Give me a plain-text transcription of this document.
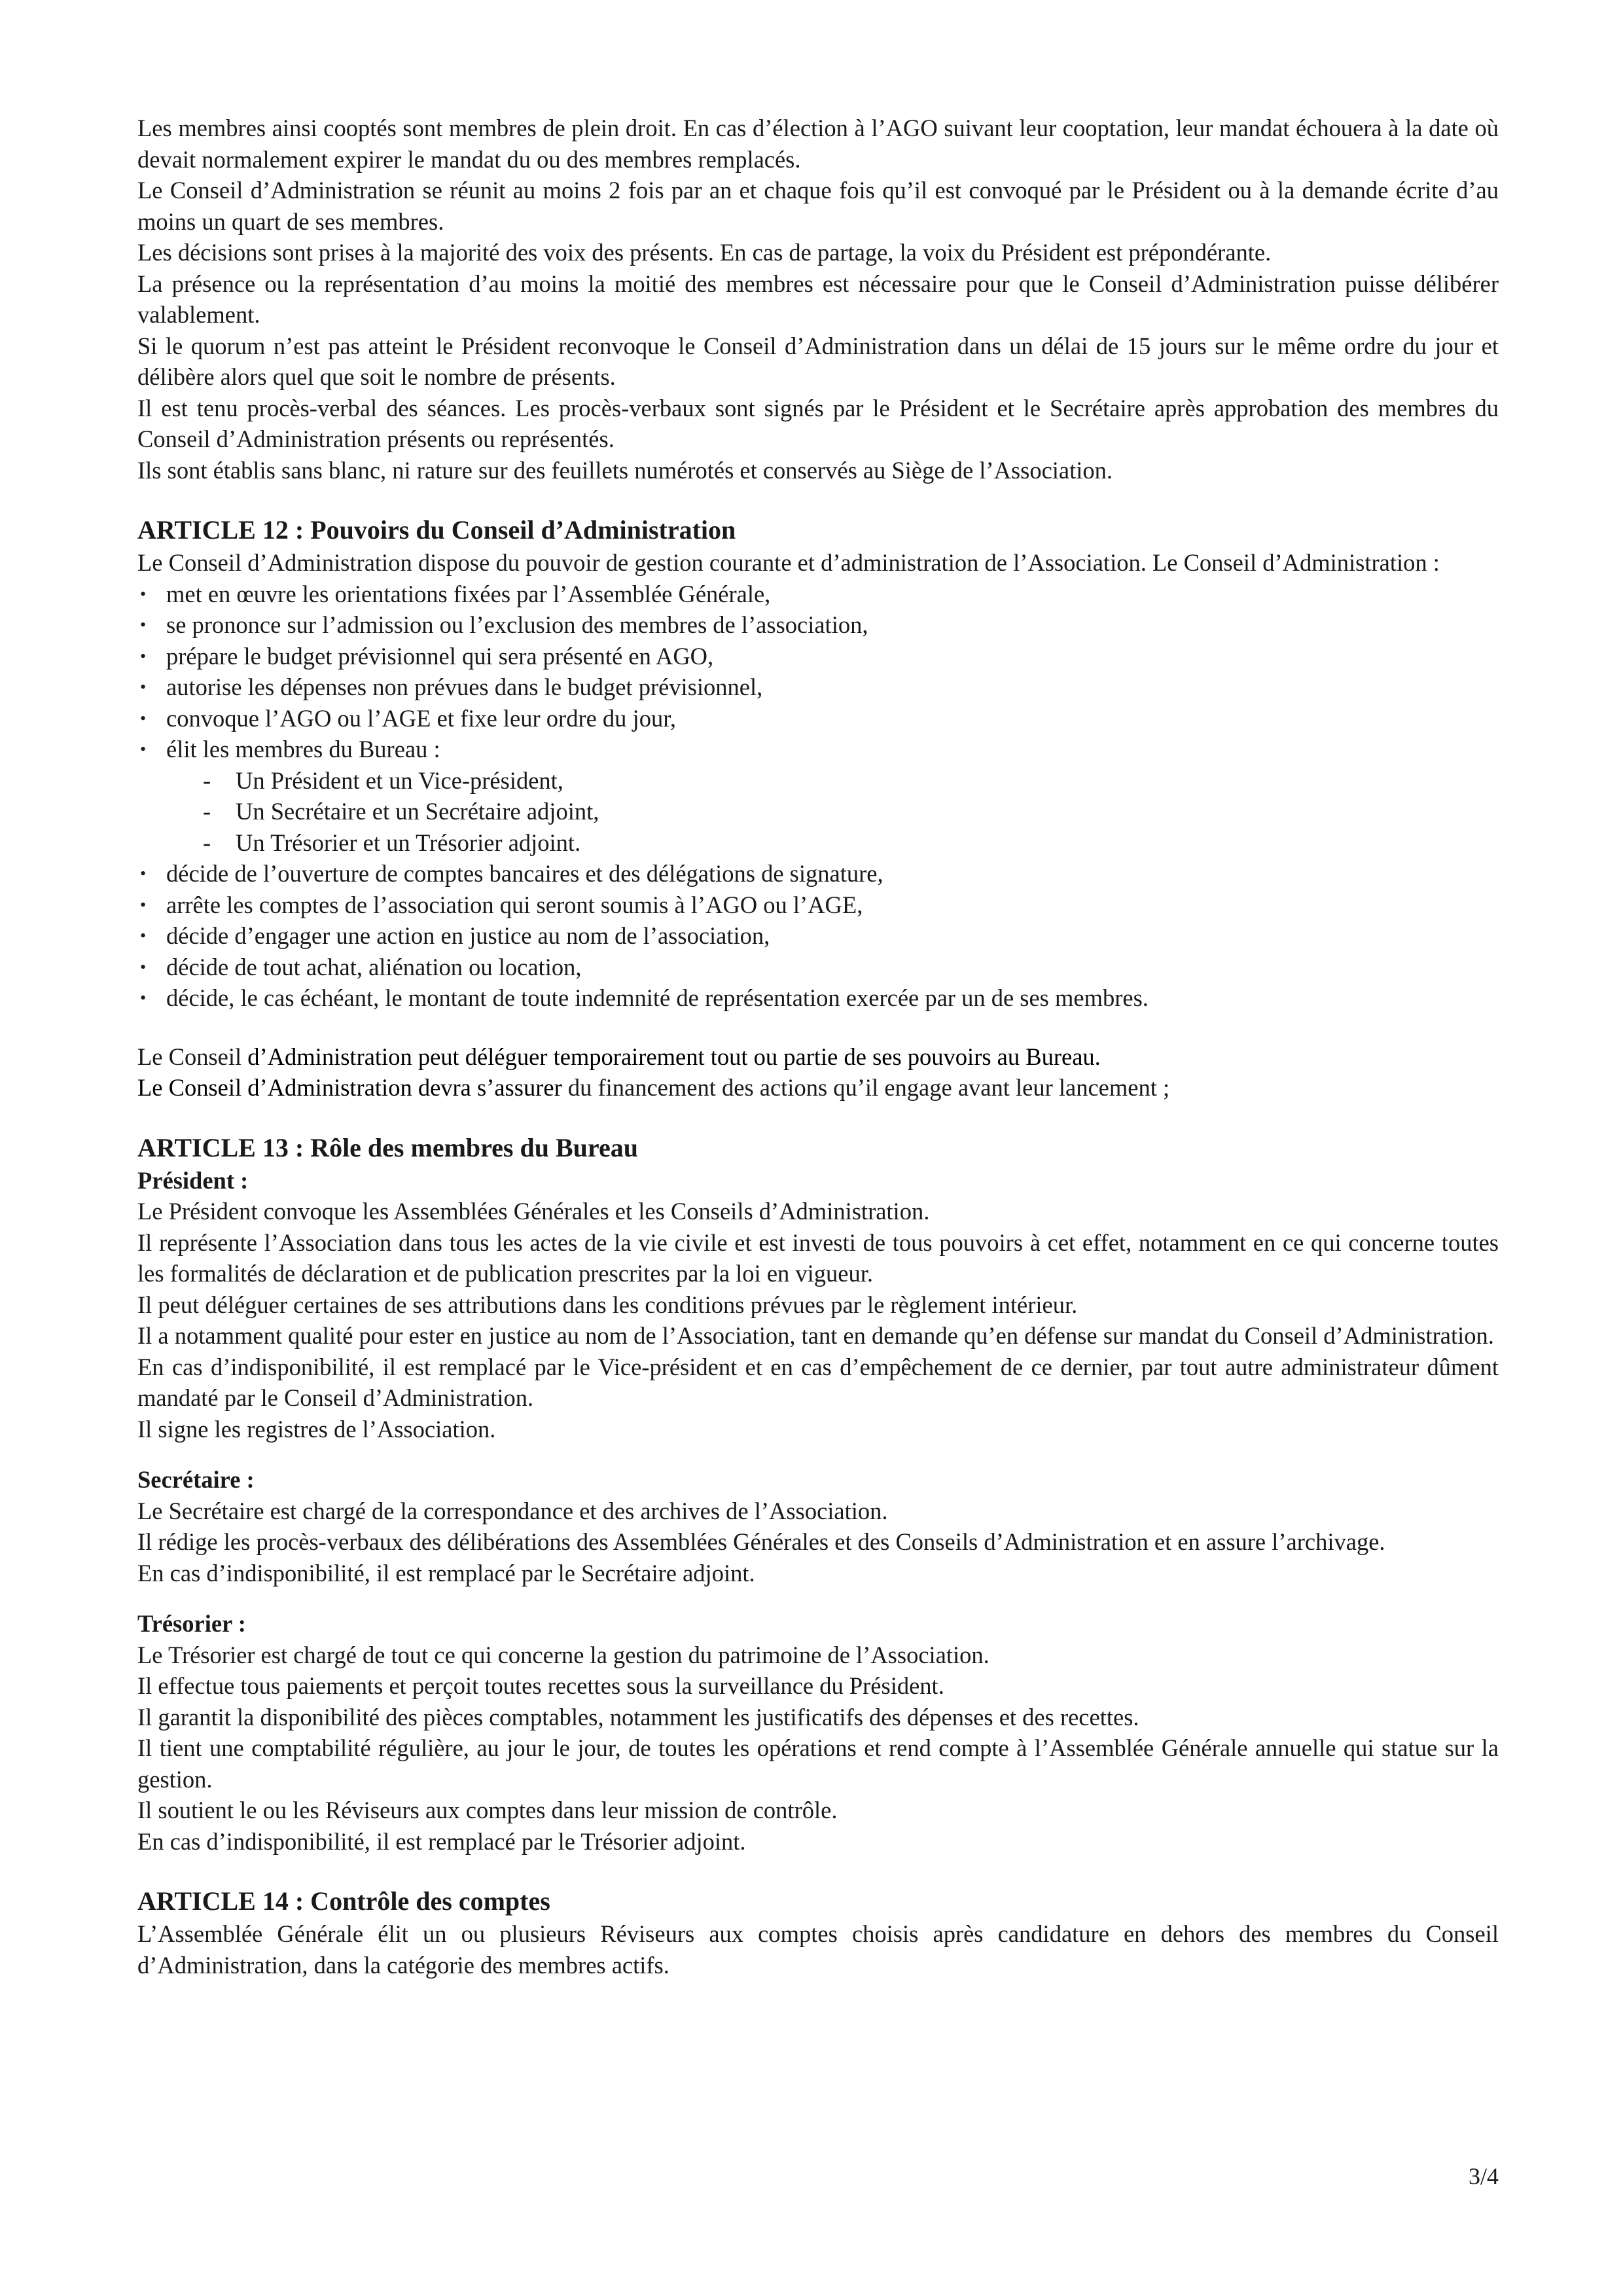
Les membres ainsi cooptés sont membres de plein droit. En cas d’élection à l’AGO suivant leur cooptation, leur mandat échouera à la date où devait normalement expirer le mandat du ou des membres remplacés.

Le Conseil d’Administration se réunit au moins 2 fois par an et chaque fois qu’il est convoqué par le Président ou à la demande écrite d’au moins un quart de ses membres.

Les décisions sont prises à la majorité des voix des présents. En cas de partage, la voix du Président est prépondérante.

La présence ou la représentation d’au moins la moitié des membres est nécessaire pour que le Conseil d’Administration puisse délibérer valablement.

Si le quorum n’est pas atteint le Président reconvoque le Conseil d’Administration dans un délai de 15 jours sur le même ordre du jour et délibère alors quel que soit le nombre de présents.

Il est tenu procès-verbal des séances. Les procès-verbaux sont signés par le Président et le Secrétaire après approbation des membres du Conseil d’Administration présents ou représentés.

Ils sont établis sans blanc, ni rature sur des feuillets numérotés et conservés au Siège de l’Association.

ARTICLE 12 : Pouvoirs du Conseil d’Administration

Le Conseil d’Administration dispose du pouvoir de gestion courante et d’administration de l’Association. Le Conseil d’Administration :

• met en œuvre les orientations fixées par l’Assemblée Générale,
• se prononce sur l’admission ou l’exclusion des membres de l’association,
• prépare le budget prévisionnel qui sera présenté en AGO,
• autorise les dépenses non prévues dans le budget prévisionnel,
• convoque l’AGO ou l’AGE et fixe leur ordre du jour,
• élit les membres du Bureau :
- Un Président et un Vice-président,
- Un Secrétaire et un Secrétaire adjoint,
- Un Trésorier et un Trésorier adjoint.
• décide de l’ouverture de comptes bancaires et des délégations de signature,
• arrête les comptes de l’association qui seront soumis à l’AGO ou l’AGE,
• décide d’engager une action en justice au nom de l’association,
• décide de tout achat, aliénation ou location,
• décide, le cas échéant, le montant de toute indemnité de représentation exercée par un de ses membres.

Le Conseil d’Administration peut déléguer temporairement tout ou partie de ses pouvoirs au Bureau.

Le Conseil d’Administration devra s’assurer du financement des actions qu’il engage avant leur lancement ;

ARTICLE 13 : Rôle des membres du Bureau

Président :

Le Président convoque les Assemblées Générales et les Conseils d’Administration.

Il représente l’Association dans tous les actes de la vie civile et est investi de tous pouvoirs à cet effet, notamment en ce qui concerne toutes les formalités de déclaration et de publication prescrites par la loi en vigueur.

Il peut déléguer certaines de ses attributions dans les conditions prévues par le règlement intérieur.

Il a notamment qualité pour ester en justice au nom de l’Association, tant en demande qu’en défense sur mandat du Conseil d’Administration.

En cas d’indisponibilité, il est remplacé par le Vice-président et en cas d’empêchement de ce dernier, par tout autre administrateur dûment mandaté par le Conseil d’Administration.

Il signe les registres de l’Association.

Secrétaire :

Le Secrétaire est chargé de la correspondance et des archives de l’Association.

Il rédige les procès-verbaux des délibérations des Assemblées Générales et des Conseils d’Administration et en assure l’archivage.

En cas d’indisponibilité, il est remplacé par le Secrétaire adjoint.

Trésorier :

Le Trésorier est chargé de tout ce qui concerne la gestion du patrimoine de l’Association.

Il effectue tous paiements et perçoit toutes recettes sous la surveillance du Président.

Il garantit la disponibilité des pièces comptables, notamment les justificatifs des dépenses et des recettes.

Il tient une comptabilité régulière, au jour le jour, de toutes les opérations et rend compte à l’Assemblée Générale annuelle qui statue sur la gestion.

Il soutient le ou les Réviseurs aux comptes dans leur mission de contrôle.

En cas d’indisponibilité, il est remplacé par le Trésorier adjoint.

ARTICLE 14 : Contrôle des comptes

L’Assemblée Générale élit un ou plusieurs Réviseurs aux comptes choisis après candidature en dehors des membres du Conseil d’Administration, dans la catégorie des membres actifs.

3/4
